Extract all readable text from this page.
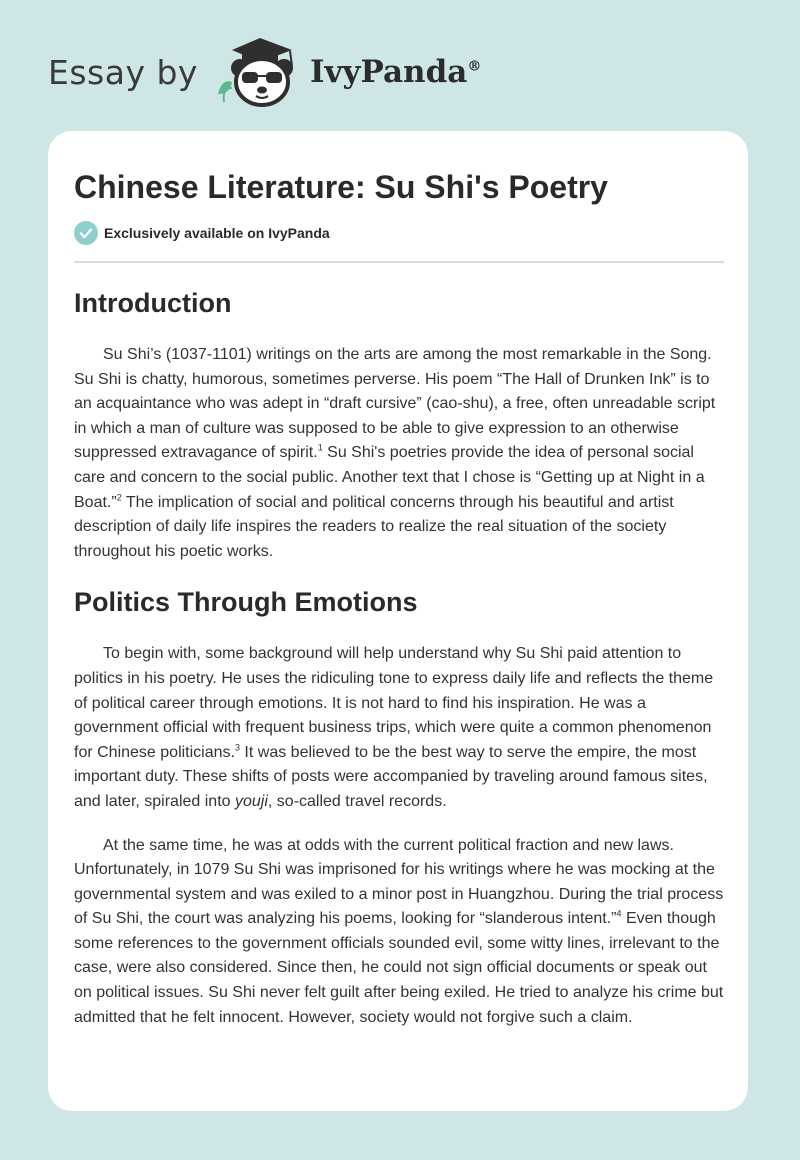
Essay by	IvyPanda®
Chinese Literature: Su Shi's Poetry
Exclusively available on IvyPanda
Introduction

Su Shi’s (1037-1101) writings on the arts are among the most remarkable in the Song. Su Shi is chatty, humorous, sometimes perverse. His poem “The Hall of Drunken Ink” is to an acquaintance who was adept in “draft cursive” (cao-shu), a free, often unreadable script in which a man of culture was supposed to be able to give expression to an otherwise suppressed extravagance of spirit.$^1$ Su Shi's poetries provide the idea of personal social care and concern to the social public. Another text that I chose is “Getting up at Night in a Boat.”$^2$ The implication of social and political concerns through his beautiful and artist description of daily life inspires the readers to realize the real situation of the society throughout his poetic works.

Politics Through Emotions

To begin with, some background will help understand why Su Shi paid attention to politics in his poetry. He uses the ridiculing tone to express daily life and reflects the theme of political career through emotions. It is not hard to find his inspiration. He was a government official with frequent business trips, which were quite a common phenomenon for Chinese politicians.$^3$ It was believed to be the best way to serve the empire, the most important duty. These shifts of posts were accompanied by traveling around famous sites, and later, spiraled into youji, so-called travel records.

At the same time, he was at odds with the current political fraction and new laws. Unfortunately, in 1079 Su Shi was imprisoned for his writings where he was mocking at the governmental system and was exiled to a minor post in Huangzhou. During the trial process of Su Shi, the court was analyzing his poems, looking for “slanderous intent.”$^4$ Even though some references to the government officials sounded evil, some witty lines, irrelevant to the case, were also considered. Since then, he could not sign official documents or speak out on political issues. Su Shi never felt guilt after being exiled. He tried to analyze his crime but admitted that he felt innocent. However, society would not forgive such a claim.
